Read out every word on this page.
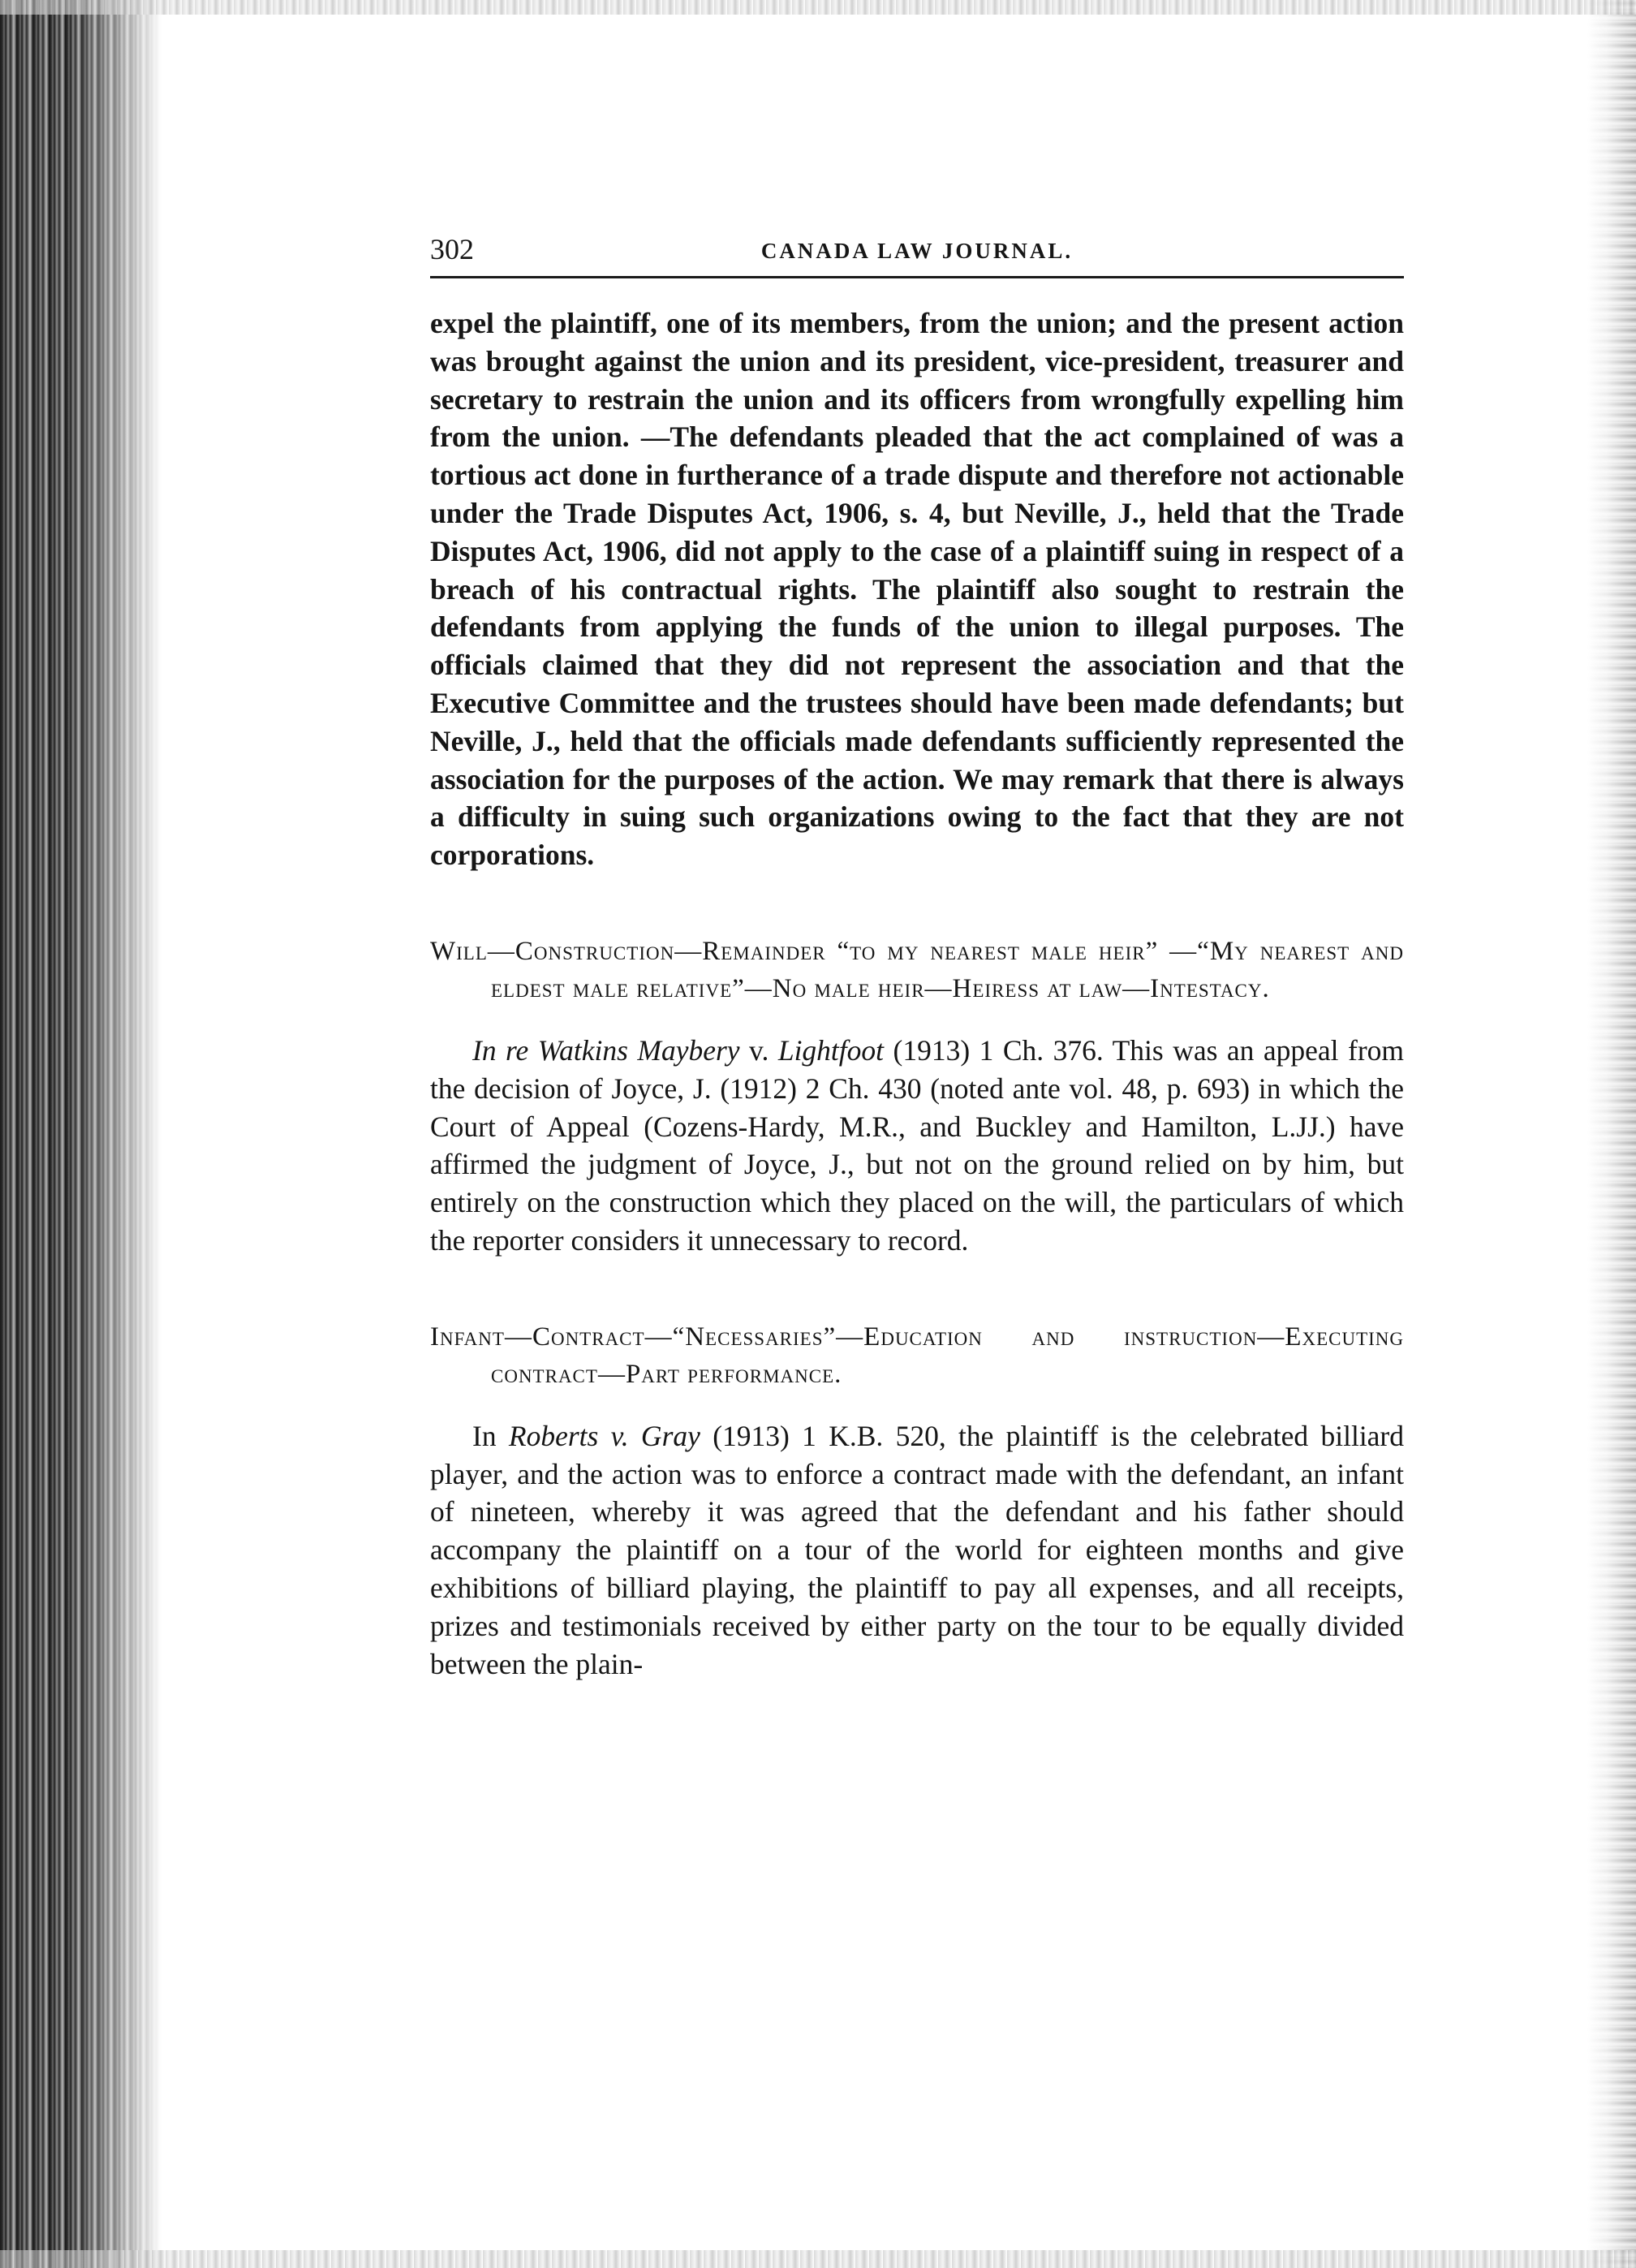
302	CANADA LAW JOURNAL.

expel the plaintiff, one of its members, from the union; and the present action was brought against the union and its president, vice-president, treasurer and secretary to restrain the union and its officers from wrongfully expelling him from the union. —The defendants pleaded that the act complained of was a tortious act done in furtherance of a trade dispute and therefore not actionable under the Trade Disputes Act, 1906, s. 4, but Neville, J., held that the Trade Disputes Act, 1906, did not apply to the case of a plaintiff suing in respect of a breach of his contractual rights. The plaintiff also sought to restrain the defendants from applying the funds of the union to illegal purposes. The officials claimed that they did not represent the association and that the Executive Committee and the trustees should have been made defendants; but Neville, J., held that the officials made defendants sufficiently represented the association for the purposes of the action. We may remark that there is always a difficulty in suing such organizations owing to the fact that they are not corporations.

Will—Construction—Remainder “to my nearest male heir” —“My nearest and eldest male relative”—No male heir—Heiress at law—Intestacy.

In re Watkins Maybery v. Lightfoot (1913) 1 Ch. 376. This was an appeal from the decision of Joyce, J. (1912) 2 Ch. 430 (noted ante vol. 48, p. 693) in which the Court of Appeal (Cozens-Hardy, M.R., and Buckley and Hamilton, L.JJ.) have affirmed the judgment of Joyce, J., but not on the ground relied on by him, but entirely on the construction which they placed on the will, the particulars of which the reporter considers it unnecessary to record.

Infant—Contract—“Necessaries”—Education and instruction—Executing contract—Part performance.

In Roberts v. Gray (1913) 1 K.B. 520, the plaintiff is the celebrated billiard player, and the action was to enforce a contract made with the defendant, an infant of nineteen, whereby it was agreed that the defendant and his father should accompany the plaintiff on a tour of the world for eighteen months and give exhibitions of billiard playing, the plaintiff to pay all expenses, and all receipts, prizes and testimonials received by either party on the tour to be equally divided between the plain-
